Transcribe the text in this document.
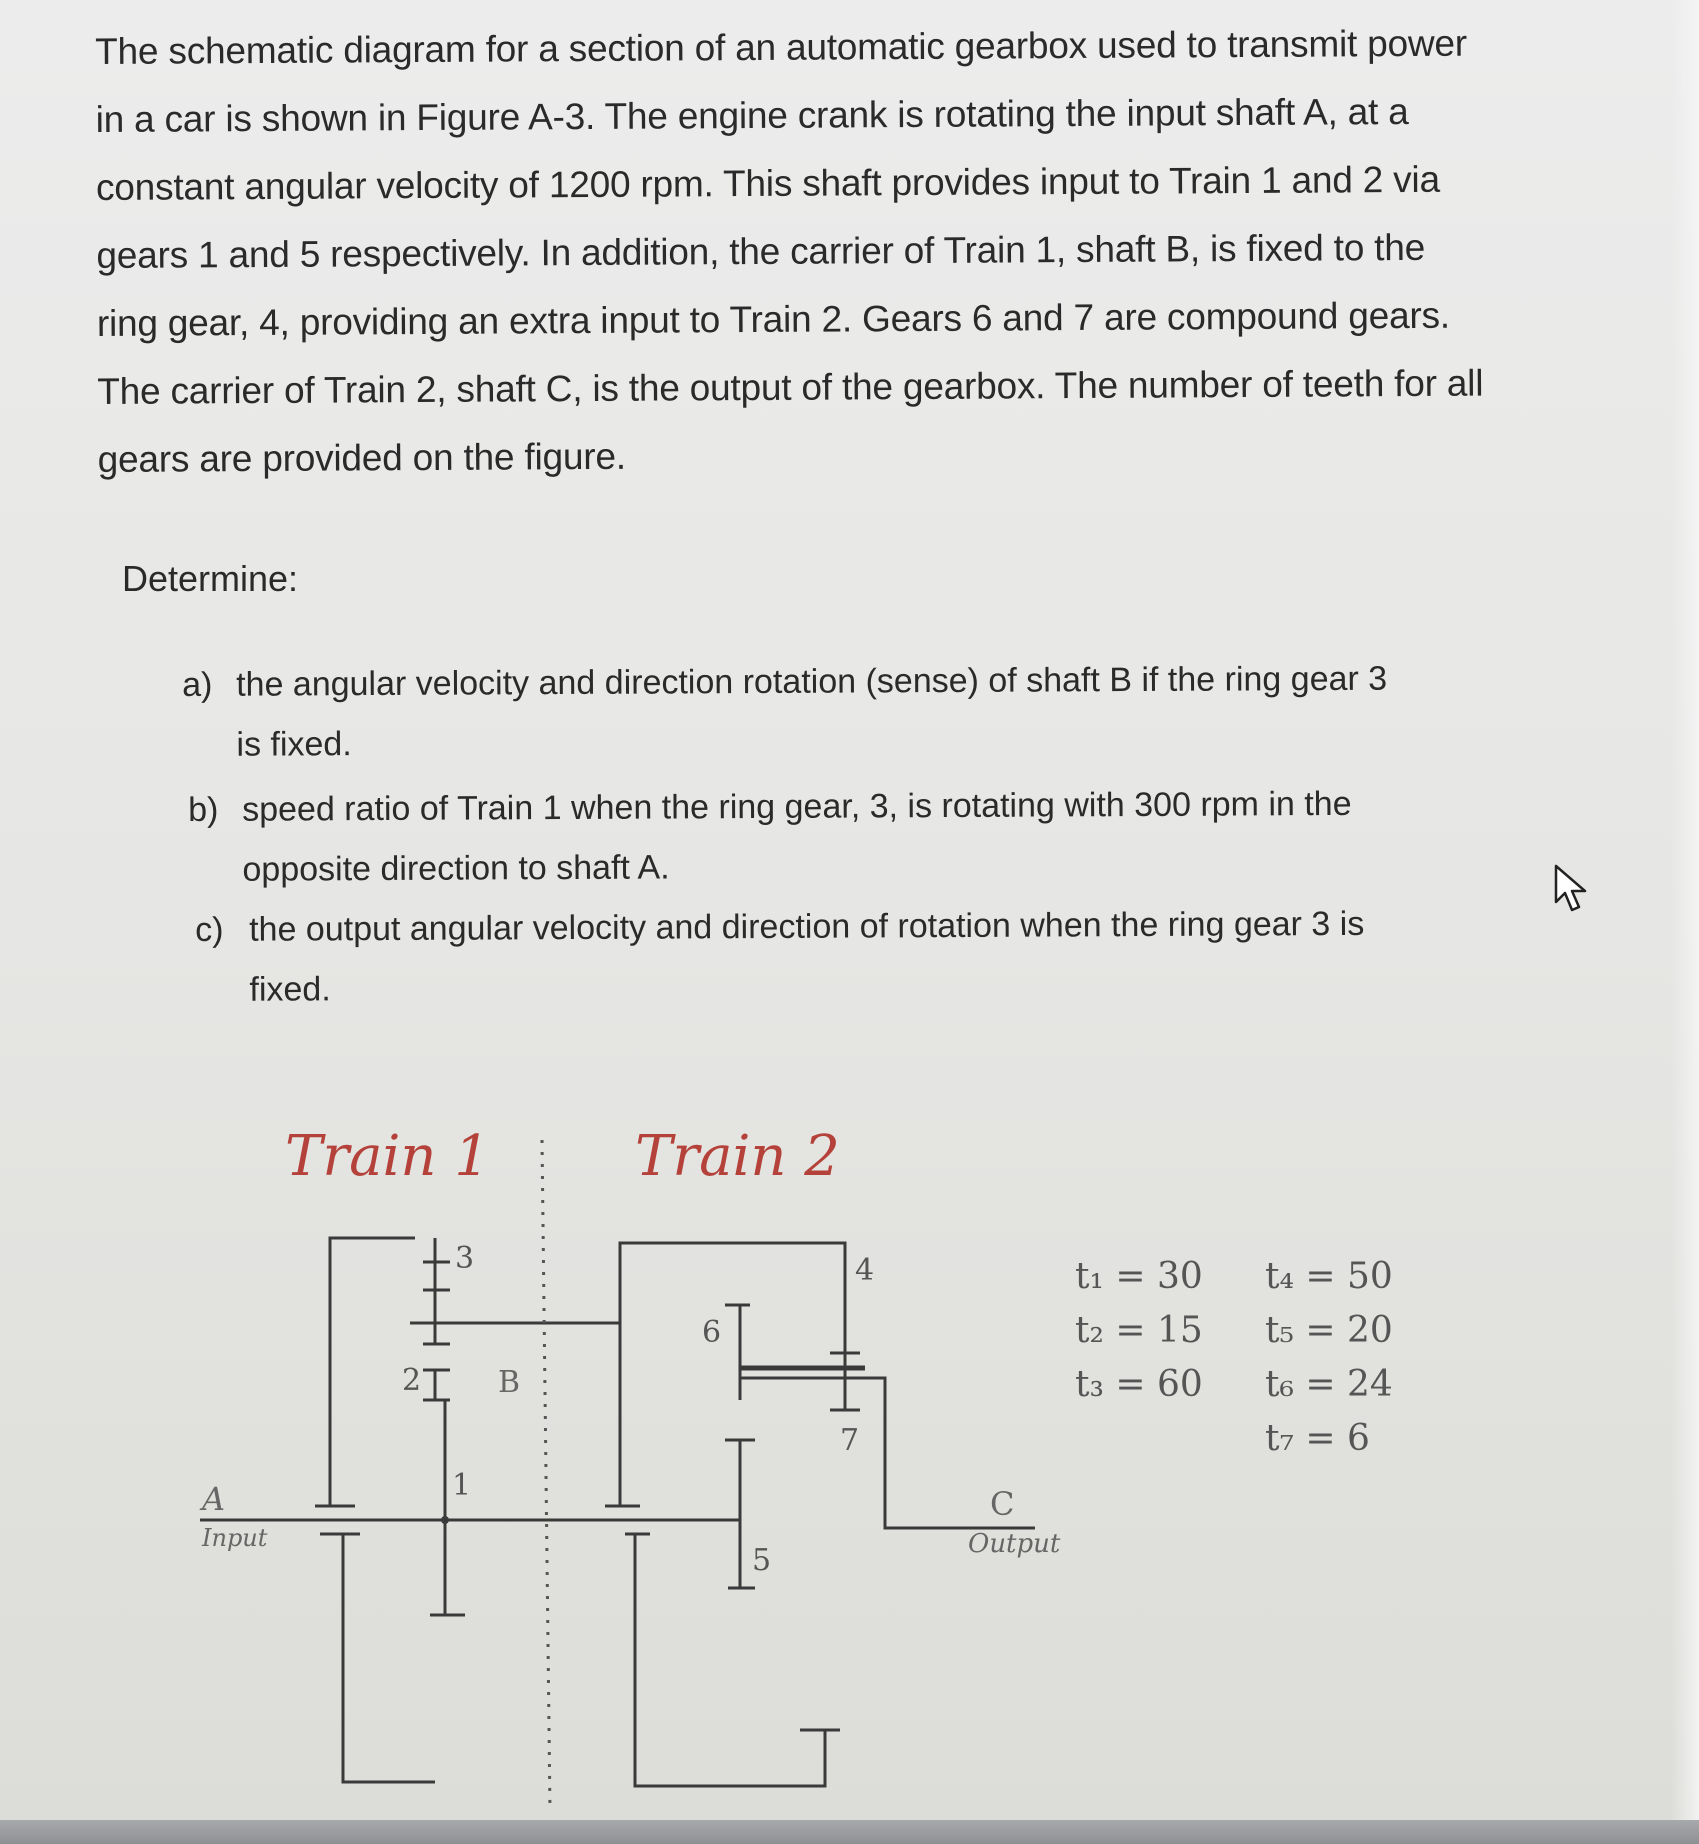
The schematic diagram for a section of an automatic gearbox used to transmit power
in a car is shown in Figure A-3. The engine crank is rotating the input shaft A, at a
constant angular velocity of 1200 rpm. This shaft provides input to Train 1 and 2 via
gears 1 and 5 respectively. In addition, the carrier of Train 1, shaft B, is fixed to the
ring gear, 4, providing an extra input to Train 2. Gears 6 and 7 are compound gears.
The carrier of Train 2, shaft C, is the output of the gearbox. The number of teeth for all
gears are provided on the figure.
Determine:
a) the angular velocity and direction rotation (sense) of shaft B if the ring gear 3
is fixed.
b) speed ratio of Train 1 when the ring gear, 3, is rotating with 300 rpm in the
opposite direction to shaft A.
c) the output angular velocity and direction of rotation when the ring gear 3 is
fixed.
Train 1	Train 2
1
2
3	4
5
6
7
A
Input
B
C
Output
t₁ = 30
t₂ = 15
t₃ = 60
t₄ = 50
t₅ = 20
t₆ = 24
t₇ = 6
